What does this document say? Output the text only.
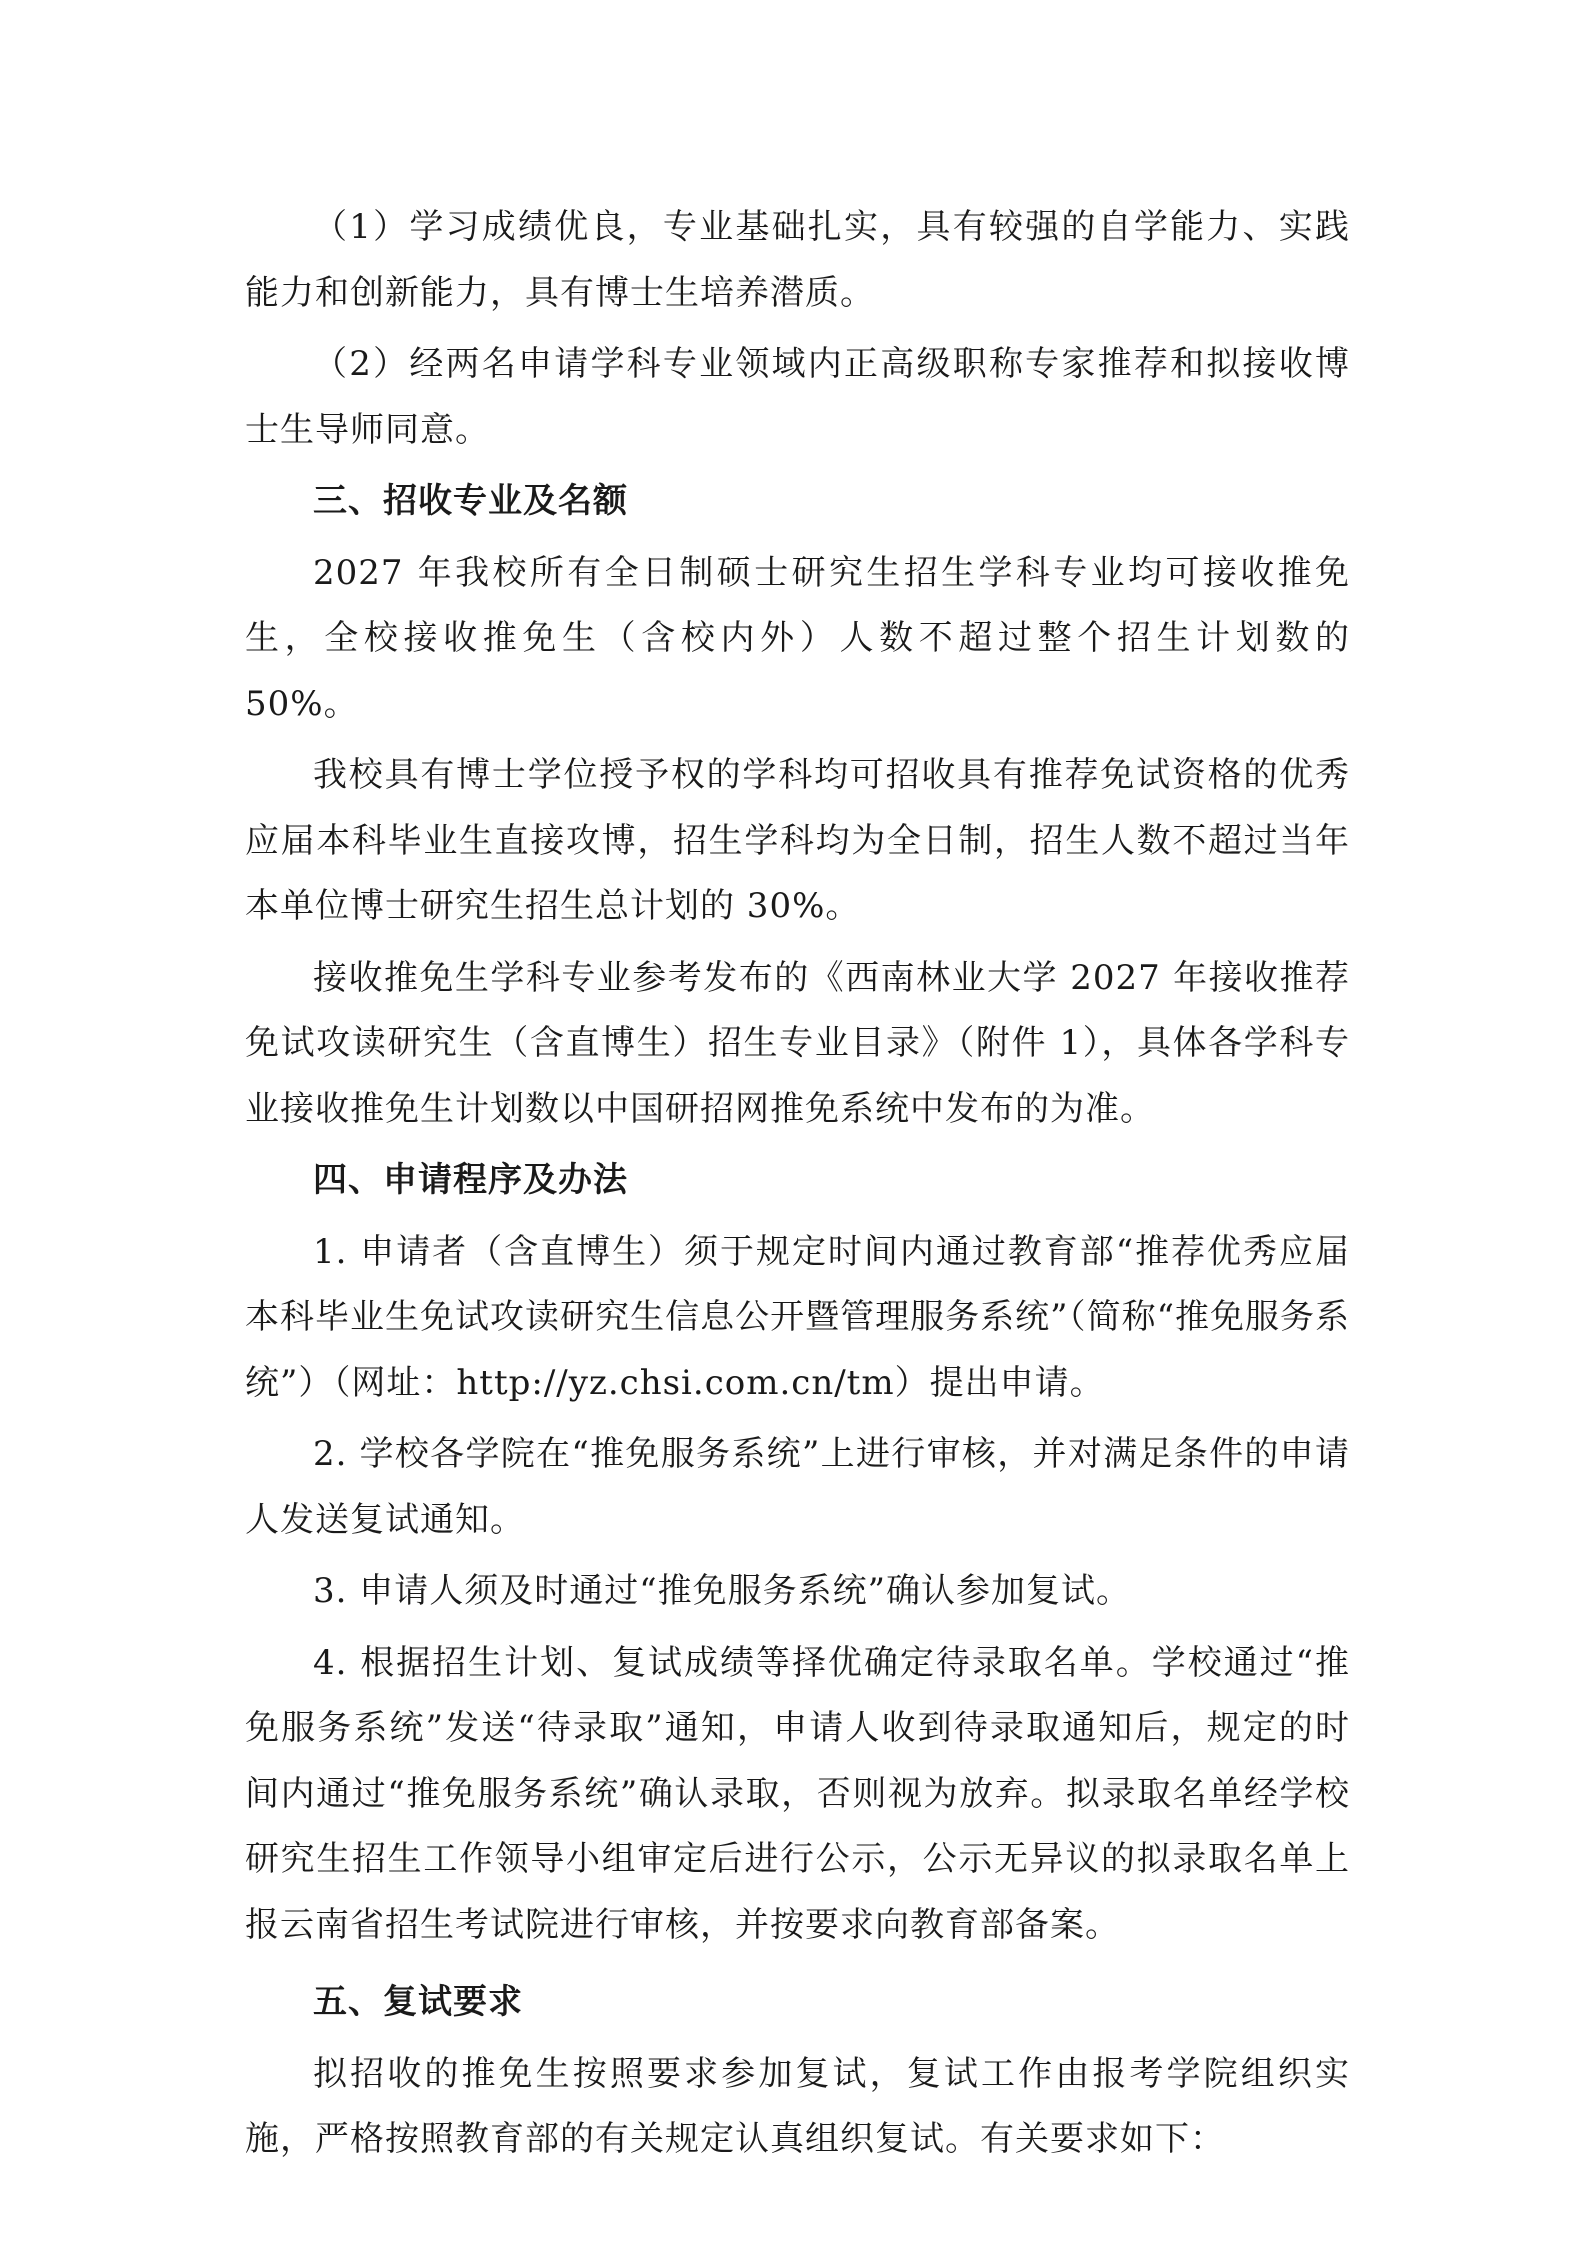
（1）学习成绩优良，专业基础扎实，具有较强的自学能力、实践能力和创新能力，具有博士生培养潜质。

（2）经两名申请学科专业领域内正高级职称专家推荐和拟接收博士生导师同意。

三、招收专业及名额

2027 年我校所有全日制硕士研究生招生学科专业均可接收推免生，全校接收推免生（含校内外）人数不超过整个招生计划数的 50%。

我校具有博士学位授予权的学科均可招收具有推荐免试资格的优秀应届本科毕业生直接攻博，招生学科均为全日制，招生人数不超过当年本单位博士研究生招生总计划的 30%。

接收推免生学科专业参考发布的《西南林业大学 2027 年接收推荐免试攻读研究生（含直博生）招生专业目录》（附件 1），具体各学科专业接收推免生计划数以中国研招网推免系统中发布的为准。

四、申请程序及办法

1. 申请者（含直博生）须于规定时间内通过教育部“推荐优秀应届本科毕业生免试攻读研究生信息公开暨管理服务系统”（简称“推免服务系统”）（网址：http://yz.chsi.com.cn/tm）提出申请。

2. 学校各学院在“推免服务系统”上进行审核，并对满足条件的申请人发送复试通知。

3. 申请人须及时通过“推免服务系统”确认参加复试。

4. 根据招生计划、复试成绩等择优确定待录取名单。学校通过“推免服务系统”发送“待录取”通知，申请人收到待录取通知后，规定的时间内通过“推免服务系统”确认录取，否则视为放弃。拟录取名单经学校研究生招生工作领导小组审定后进行公示，公示无异议的拟录取名单上报云南省招生考试院进行审核，并按要求向教育部备案。

五、复试要求

拟招收的推免生按照要求参加复试，复试工作由报考学院组织实施，严格按照教育部的有关规定认真组织复试。有关要求如下：
